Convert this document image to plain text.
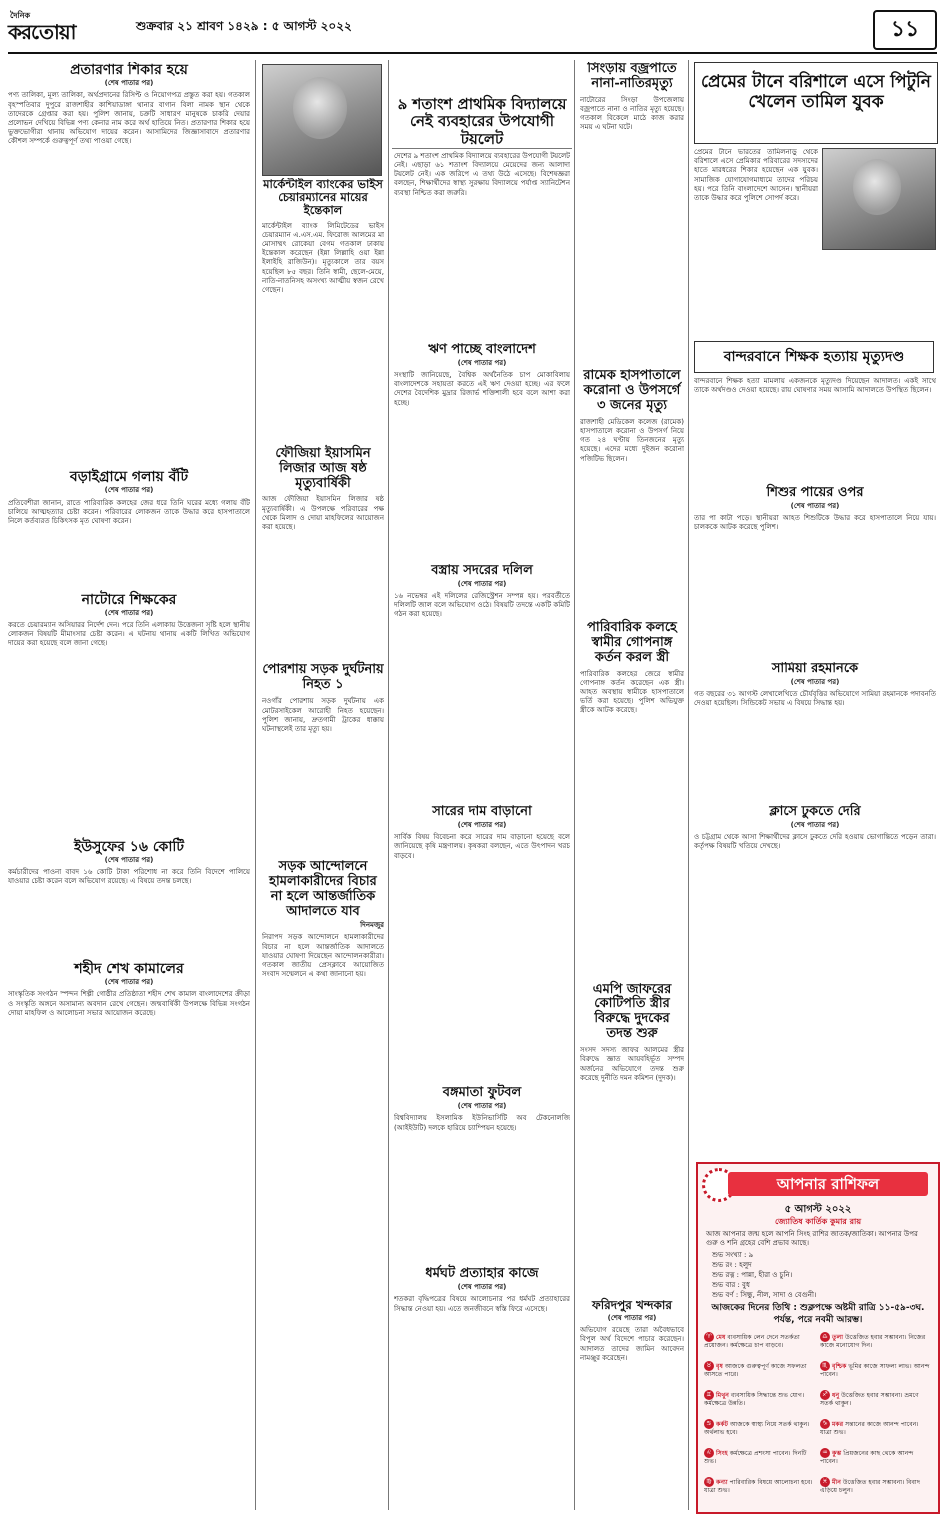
দৈনিক
করতোয়া	শুক্রবার ২১ শ্রাবণ ১৪২৯ : ৫ আগস্ট ২০২২	১১
প্রতারণার শিকার হয়ে
(শেষ পাতার পর)

পণ্য তালিকা, মূল্য তালিকা, অর্থপ্রদানের রিসিপ্ট ও নিয়োগপত্র প্রস্তুত করা হয়। গতকাল বৃহস্পতিবার দুপুরে রাজশাহীর কাশিয়াডাঙ্গা থানার বাগান বিলা নামক স্থান থেকে তাদেরকে গ্রেপ্তার করা হয়। পুলিশ জানায়, চক্রটি সাধারণ মানুষকে চাকরি দেয়ার প্রলোভন দেখিয়ে বিভিন্ন পণ্য কেনার নাম করে অর্থ হাতিয়ে নিত। প্রতারণার শিকার হয়ে ভুক্তভোগীরা থানায় অভিযোগ দায়ের করেন। আসামিদের জিজ্ঞাসাবাদে প্রতারণার কৌশল সম্পর্কে গুরুত্বপূর্ণ তথ্য পাওয়া গেছে।

বড়াইগ্রামে গলায় বঁটি
(শেষ পাতার পর)

প্রতিবেশীরা জানান, রাতে পারিবারিক কলহের জের ধরে তিনি ঘরের মধ্যে গলায় বঁটি চালিয়ে আত্মহত্যার চেষ্টা করেন। পরিবারের লোকজন তাকে উদ্ধার করে হাসপাতালে নিলে কর্তব্যরত চিকিৎসক মৃত ঘোষণা করেন।

নাটোরে শিক্ষকের
(শেষ পাতার পর)

করতে চেয়ারম্যান অসিয়ারর নির্দেশ দেন। পরে তিনি এলাকায় উত্তেজনা সৃষ্টি হলে স্থানীয় লোকজন বিষয়টি মীমাংসার চেষ্টা করেন। এ ঘটনায় থানায় একটি লিখিত অভিযোগ দায়ের করা হয়েছে বলে জানা গেছে।

ইউসুফের ১৬ কোটি
(শেষ পাতার পর)

কর্মচারীদের পাওনা বাবদ ১৬ কোটি টাকা পরিশোধ না করে তিনি বিদেশে পালিয়ে যাওয়ার চেষ্টা করেন বলে অভিযোগ রয়েছে। এ বিষয়ে তদন্ত চলছে।

শহীদ শেখ কামালের
(শেষ পাতার পর)

সাংস্কৃতিক সংগঠন স্পন্দন শিল্পী গোষ্ঠীর প্রতিষ্ঠাতা শহীদ শেখ কামাল বাংলাদেশের ক্রীড়া ও সংস্কৃতি অঙ্গনে অসামান্য অবদান রেখে গেছেন। জন্মবার্ষিকী উপলক্ষে বিভিন্ন সংগঠন দোয়া মাহফিল ও আলোচনা সভার আয়োজন করেছে।

মার্কেন্টাইল ব্যাংকের ভাইস চেয়ারম্যানের মায়ের ইন্তেকাল

মার্কেন্টাইল ব্যাংক লিমিটেডের ভাইস চেয়ারম্যান এ.এস.এম. ফিরোজ আলমের মা মোসাম্মৎ রোকেয়া বেগম গতকাল ঢাকায় ইন্তেকাল করেছেন (ইন্না লিল্লাহি ওয়া ইন্না ইলাইহি রাজিউন)। মৃত্যুকালে তার বয়স হয়েছিল ৮৫ বছর। তিনি স্বামী, ছেলে-মেয়ে, নাতি-নাতনিসহ অসংখ্য আত্মীয় স্বজন রেখে গেছেন।

ফৌজিয়া ইয়াসমিন লিজার আজ ষষ্ঠ মৃত্যুবার্ষিকী

আজ ফৌজিয়া ইয়াসমিন লিজার ষষ্ঠ মৃত্যুবার্ষিকী। এ উপলক্ষে পরিবারের পক্ষ থেকে মিলাদ ও দোয়া মাহফিলের আয়োজন করা হয়েছে।

পোরশায় সড়ক দুর্ঘটনায় নিহত ১

নওগাঁর পোরশায় সড়ক দুর্ঘটনায় এক মোটরসাইকেল আরোহী নিহত হয়েছেন। পুলিশ জানায়, দ্রুতগামী ট্রাকের ধাক্কায় ঘটনাস্থলেই তার মৃত্যু হয়।

সড়ক আন্দোলনে হামলাকারীদের বিচার না হলে আন্তর্জাতিক আদালতে যাব
দিনমজুর

নিরাপদ সড়ক আন্দোলনে হামলাকারীদের বিচার না হলে আন্তর্জাতিক আদালতে যাওয়ার ঘোষণা দিয়েছেন আন্দোলনকারীরা। গতকাল জাতীয় প্রেসক্লাবে আয়োজিত সংবাদ সম্মেলনে এ কথা জানানো হয়।

৯ শতাংশ প্রাথমিক বিদ্যালয়ে নেই ব্যবহারের উপযোগী টয়লেট

দেশের ৯ শতাংশ প্রাথমিক বিদ্যালয়ে ব্যবহারের উপযোগী টয়লেট নেই। এছাড়া ৬১ শতাংশ বিদ্যালয়ে মেয়েদের জন্য আলাদা টয়লেট নেই। এক জরিপে এ তথ্য উঠে এসেছে। বিশেষজ্ঞরা বলছেন, শিক্ষার্থীদের স্বাস্থ্য সুরক্ষায় বিদ্যালয়ে পর্যাপ্ত স্যানিটেশন ব্যবস্থা নিশ্চিত করা জরুরি।

ঋণ পাচ্ছে বাংলাদেশ
(শেষ পাতার পর)

সংস্থাটি জানিয়েছে, বৈশ্বিক অর্থনৈতিক চাপ মোকাবিলায় বাংলাদেশকে সহায়তা করতে এই ঋণ দেওয়া হচ্ছে। এর ফলে দেশের বৈদেশিক মুদ্রার রিজার্ভ শক্তিশালী হবে বলে আশা করা হচ্ছে।

বস্ত্রায় সদরের দলিল
(শেষ পাতার পর)

১৬ নভেম্বর এই দলিলের রেজিস্ট্রেশন সম্পন্ন হয়। পরবর্তীতে দলিলটি জাল বলে অভিযোগ ওঠে। বিষয়টি তদন্তে একটি কমিটি গঠন করা হয়েছে।

সারের দাম বাড়ানো
(শেষ পাতার পর)

সার্বিক বিষয় বিবেচনা করে সারের দাম বাড়ানো হয়েছে বলে জানিয়েছে কৃষি মন্ত্রণালয়। কৃষকরা বলছেন, এতে উৎপাদন খরচ বাড়বে।

বঙ্গমাতা ফুটবল
(শেষ পাতার পর)

বিশ্ববিদ্যালয় ইসলামিক ইউনিভার্সিটি অব টেকনোলজি (আইইউটি) দলকে হারিয়ে চ্যাম্পিয়ন হয়েছে।

ধর্মঘট প্রত্যাহার কাজে
(শেষ পাতার পর)

শতকরা বৃদ্ধিপত্রের বিষয়ে আলোচনার পর ধর্মঘট প্রত্যাহারের সিদ্ধান্ত নেওয়া হয়। এতে জনজীবনে স্বস্তি ফিরে এসেছে।

সিংড়ায় বজ্রপাতে নানা-নাতিরমৃত্যু

নাটোরের সিংড়া উপজেলায় বজ্রপাতে নানা ও নাতির মৃত্যু হয়েছে। গতকাল বিকেলে মাঠে কাজ করার সময় এ ঘটনা ঘটে।

রামেক হাসপাতালে করোনা ও উপসর্গে ৩ জনের মৃত্যু

রাজশাহী মেডিকেল কলেজ (রামেক) হাসপাতালে করোনা ও উপসর্গ নিয়ে গত ২৪ ঘণ্টায় তিনজনের মৃত্যু হয়েছে। এদের মধ্যে দুইজন করোনা পজিটিভ ছিলেন।

পারিবারিক কলহে স্বামীর গোপনাঙ্গ কর্তন করল স্ত্রী

পারিবারিক কলহের জেরে স্বামীর গোপনাঙ্গ কর্তন করেছেন এক স্ত্রী। আহত অবস্থায় স্বামীকে হাসপাতালে ভর্তি করা হয়েছে। পুলিশ অভিযুক্ত স্ত্রীকে আটক করেছে।

এমপি জাফরের কোটিপতি স্ত্রীর বিরুদ্ধে দুদকের তদন্ত শুরু

সংসদ সদস্য জাফর আলমের স্ত্রীর বিরুদ্ধে জ্ঞাত আয়বহির্ভূত সম্পদ অর্জনের অভিযোগে তদন্ত শুরু করেছে দুর্নীতি দমন কমিশন (দুদক)।

ফরিদপুর খন্দকার
(শেষ পাতার পর)

অভিযোগ রয়েছে তারা অবৈধভাবে বিপুল অর্থ বিদেশে পাচার করেছেন। আদালত তাদের জামিন আবেদন নামঞ্জুর করেছেন।

প্রেমের টানে বরিশালে এসে পিটুনি খেলেন তামিল যুবক

প্রেমের টানে ভারতের তামিলনাড়ু থেকে বরিশালে এসে প্রেমিকার পরিবারের সদস্যদের হাতে মারধরের শিকার হয়েছেন এক যুবক। সামাজিক যোগাযোগমাধ্যমে তাদের পরিচয় হয়। পরে তিনি বাংলাদেশে আসেন। স্থানীয়রা তাকে উদ্ধার করে পুলিশে সোপর্দ করে।

বান্দরবানে শিক্ষক হত্যায় মৃত্যুদণ্ড

বান্দরবানে শিক্ষক হত্যা মামলায় একজনকে মৃত্যুদণ্ড দিয়েছেন আদালত। একই সাথে তাকে অর্থদণ্ডও দেওয়া হয়েছে। রায় ঘোষণার সময় আসামি আদালতে উপস্থিত ছিলেন।

শিশুর পায়ের ওপর
(শেষ পাতার পর)

তার পা কাটা পড়ে। স্থানীয়রা আহত শিশুটিকে উদ্ধার করে হাসপাতালে নিয়ে যায়। চালককে আটক করেছে পুলিশ।

সামিয়া রহমানকে
(শেষ পাতার পর)

গত বছরের ৩১ আগস্ট লেখালেখিতে চৌর্যবৃত্তির অভিযোগে সামিয়া রহমানকে পদাবনতি দেওয়া হয়েছিল। সিন্ডিকেট সভায় এ বিষয়ে সিদ্ধান্ত হয়।

ক্লাসে ঢুকতে দেরি
(শেষ পাতার পর)

ও চট্টগ্রাম থেকে আসা শিক্ষার্থীদের ক্লাসে ঢুকতে দেরি হওয়ায় ভোগান্তিতে পড়েন তারা। কর্তৃপক্ষ বিষয়টি খতিয়ে দেখছে।

আপনার রাশিফল
৫ আগস্ট ২০২২
জ্যোতিষ কার্তিক কুমার রায়
আজ আপনার জন্ম হলে আপনি সিংহ রাশির জাতক/জাতিকা। আপনার উপর গুরু ও শনি গ্রহের বেশি প্রভাব আছে।
শুভ সংখ্যা : ৯
শুভ রং : হলুদ
শুভ রত্ন : পান্না, হীরা ও চুনি।
শুভ বার : বুধ
শুভ বর্ণ : সিন্ধু, নীল, সাদা ও বেগুনী।
আজকের দিনের তিথি : শুক্লপক্ষে অষ্টমী রাত্রি ১১-৫৯-৩ঘ. পর্যন্ত, পরে নবমী আরম্ভ।
♈ মেষ ব্যবসায়িক লেন দেনে সতর্কতা প্রয়োজন। কর্মক্ষেত্রে চাপ বাড়বে।
♎ তুলা উত্তেজিত হবার সম্ভাবনা। নিজের কাজে মনোযোগ দিন।
♉ বৃষ আজকে গুরুত্বপূর্ণ কাজে সফলতা আসতে পারে।
♏ বৃশ্চিক ভূমির কাজে সাফল্য লাভ। আনন্দ পাবেন।
♊ মিথুন ব্যবসায়িক সিদ্ধান্তে শুভ যোগ। কর্মক্ষেত্রে উন্নতি।
♐ ধনু উত্তেজিত হবার সম্ভাবনা। ভ্রমণে সতর্ক থাকুন।
♋ কর্কট আজকে স্বাস্থ্য নিয়ে সতর্ক থাকুন। অর্থলাভ হবে।
♑ মকর সন্তানের কাজে আনন্দ পাবেন। যাত্রা শুভ।
♌ সিংহ কর্মক্ষেত্রে প্রশংসা পাবেন। দিনটি শুভ।
♒ কুম্ভ প্রিয়জনের কাছ থেকে আনন্দ পাবেন।
♍ কন্যা পারিবারিক বিষয়ে আলোচনা হবে। যাত্রা শুভ।
♓ মীন উত্তেজিত হবার সম্ভাবনা। বিবাদ এড়িয়ে চলুন।
